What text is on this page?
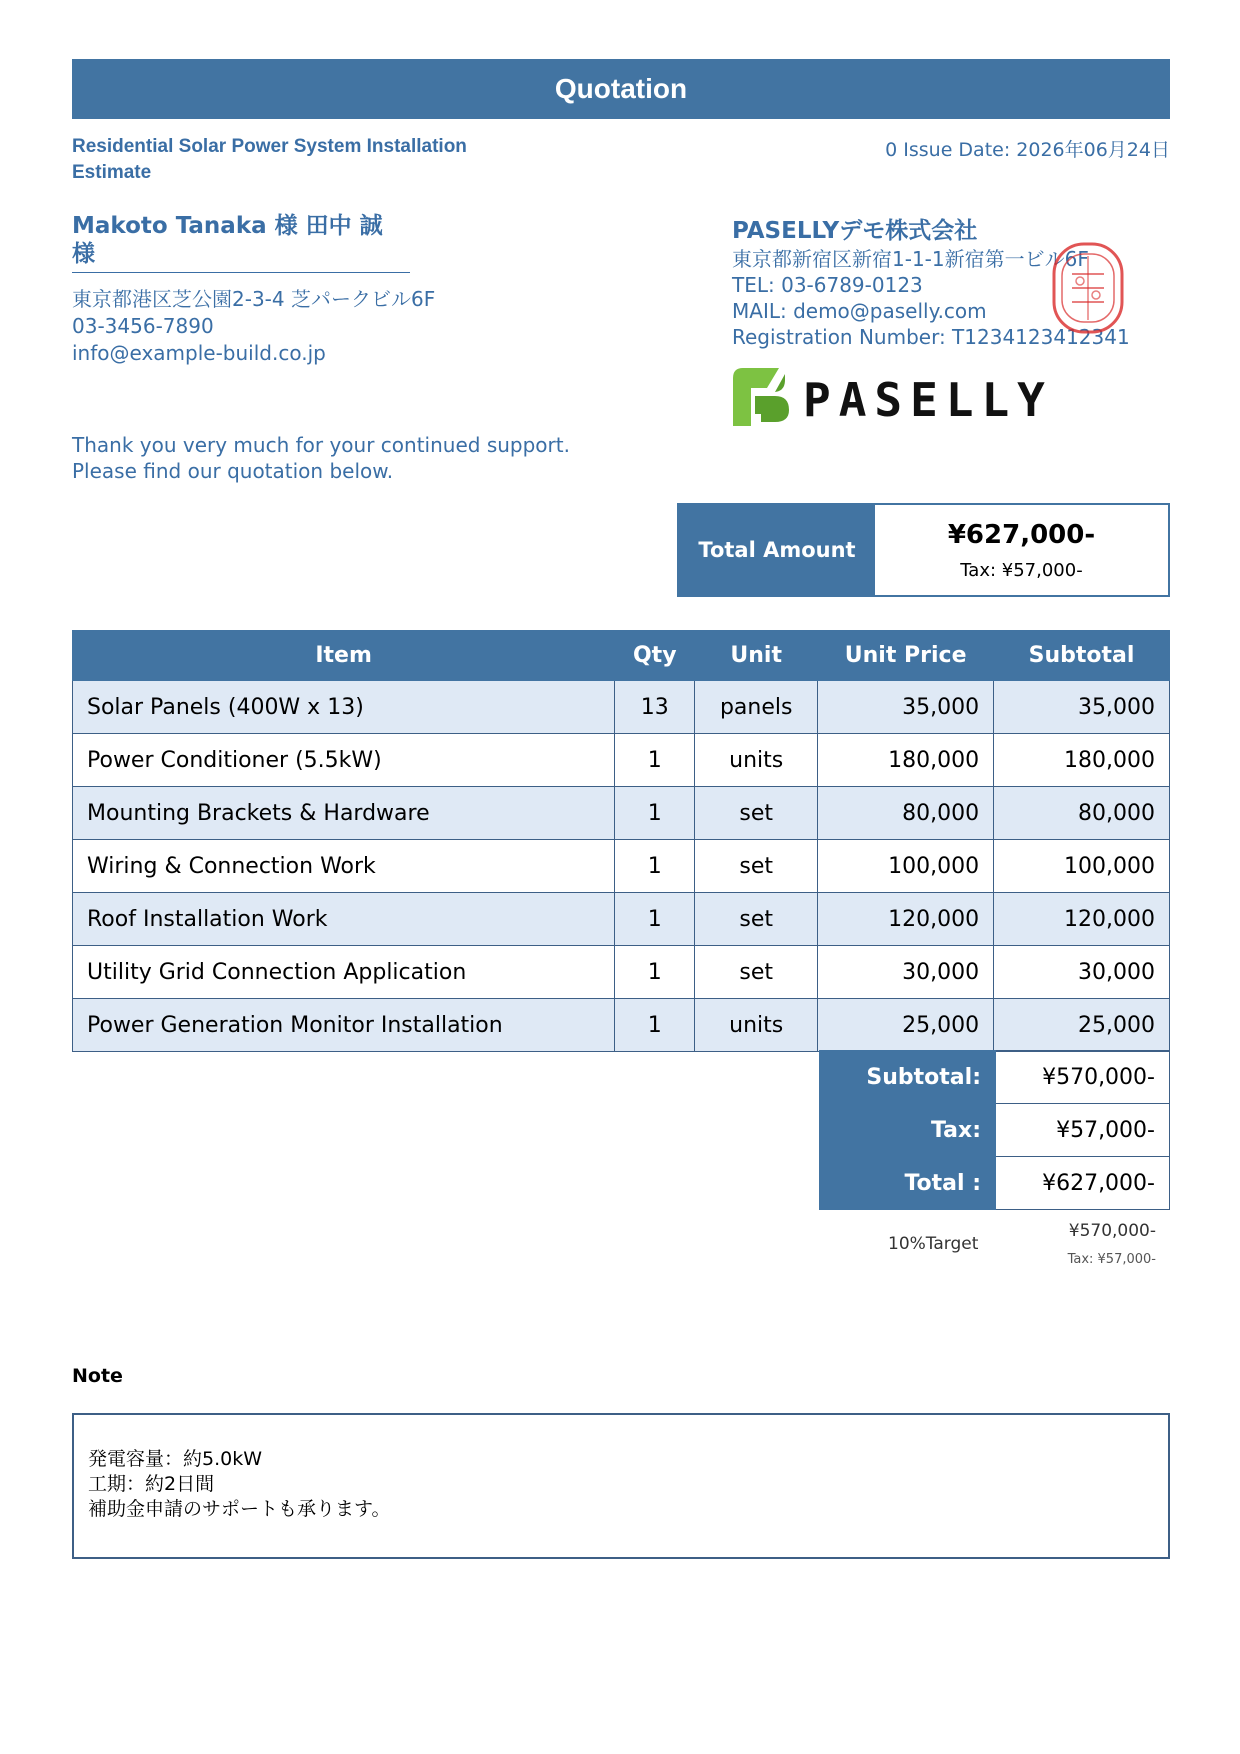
Quotation
Residential Solar Power System Installation Estimate
0 Issue Date: 2026年06月24日
Makoto Tanaka 様 田中 誠 様
東京都港区芝公園2-3-4 芝パークビル6F
03-3456-7890
info@example-build.co.jp
PASELLYデモ株式会社
東京都新宿区新宿1-1-1新宿第一ビル6F
TEL: 03-6789-0123
MAIL: demo@paselly.com
Registration Number: T1234123412341
PASELLY
Thank you very much for your continued support.
Please find our quotation below.
Total Amount
¥627,000-
Tax: ¥57,000-
Item	Qty	Unit	Unit Price	Subtotal
Solar Panels (400W x 13)	13	panels	35,000	35,000
Power Conditioner (5.5kW)	1	units	180,000	180,000
Mounting Brackets & Hardware	1	set	80,000	80,000
Wiring & Connection Work	1	set	100,000	100,000
Roof Installation Work	1	set	120,000	120,000
Utility Grid Connection Application	1	set	30,000	30,000
Power Generation Monitor Installation	1	units	25,000	25,000
Subtotal:	¥570,000-
Tax:	¥57,000-
Total :	¥627,000-
10%Target
¥570,000-
Tax: ¥57,000-
Note
発電容量：約5.0kW
工期：約2日間
補助金申請のサポートも承ります。
